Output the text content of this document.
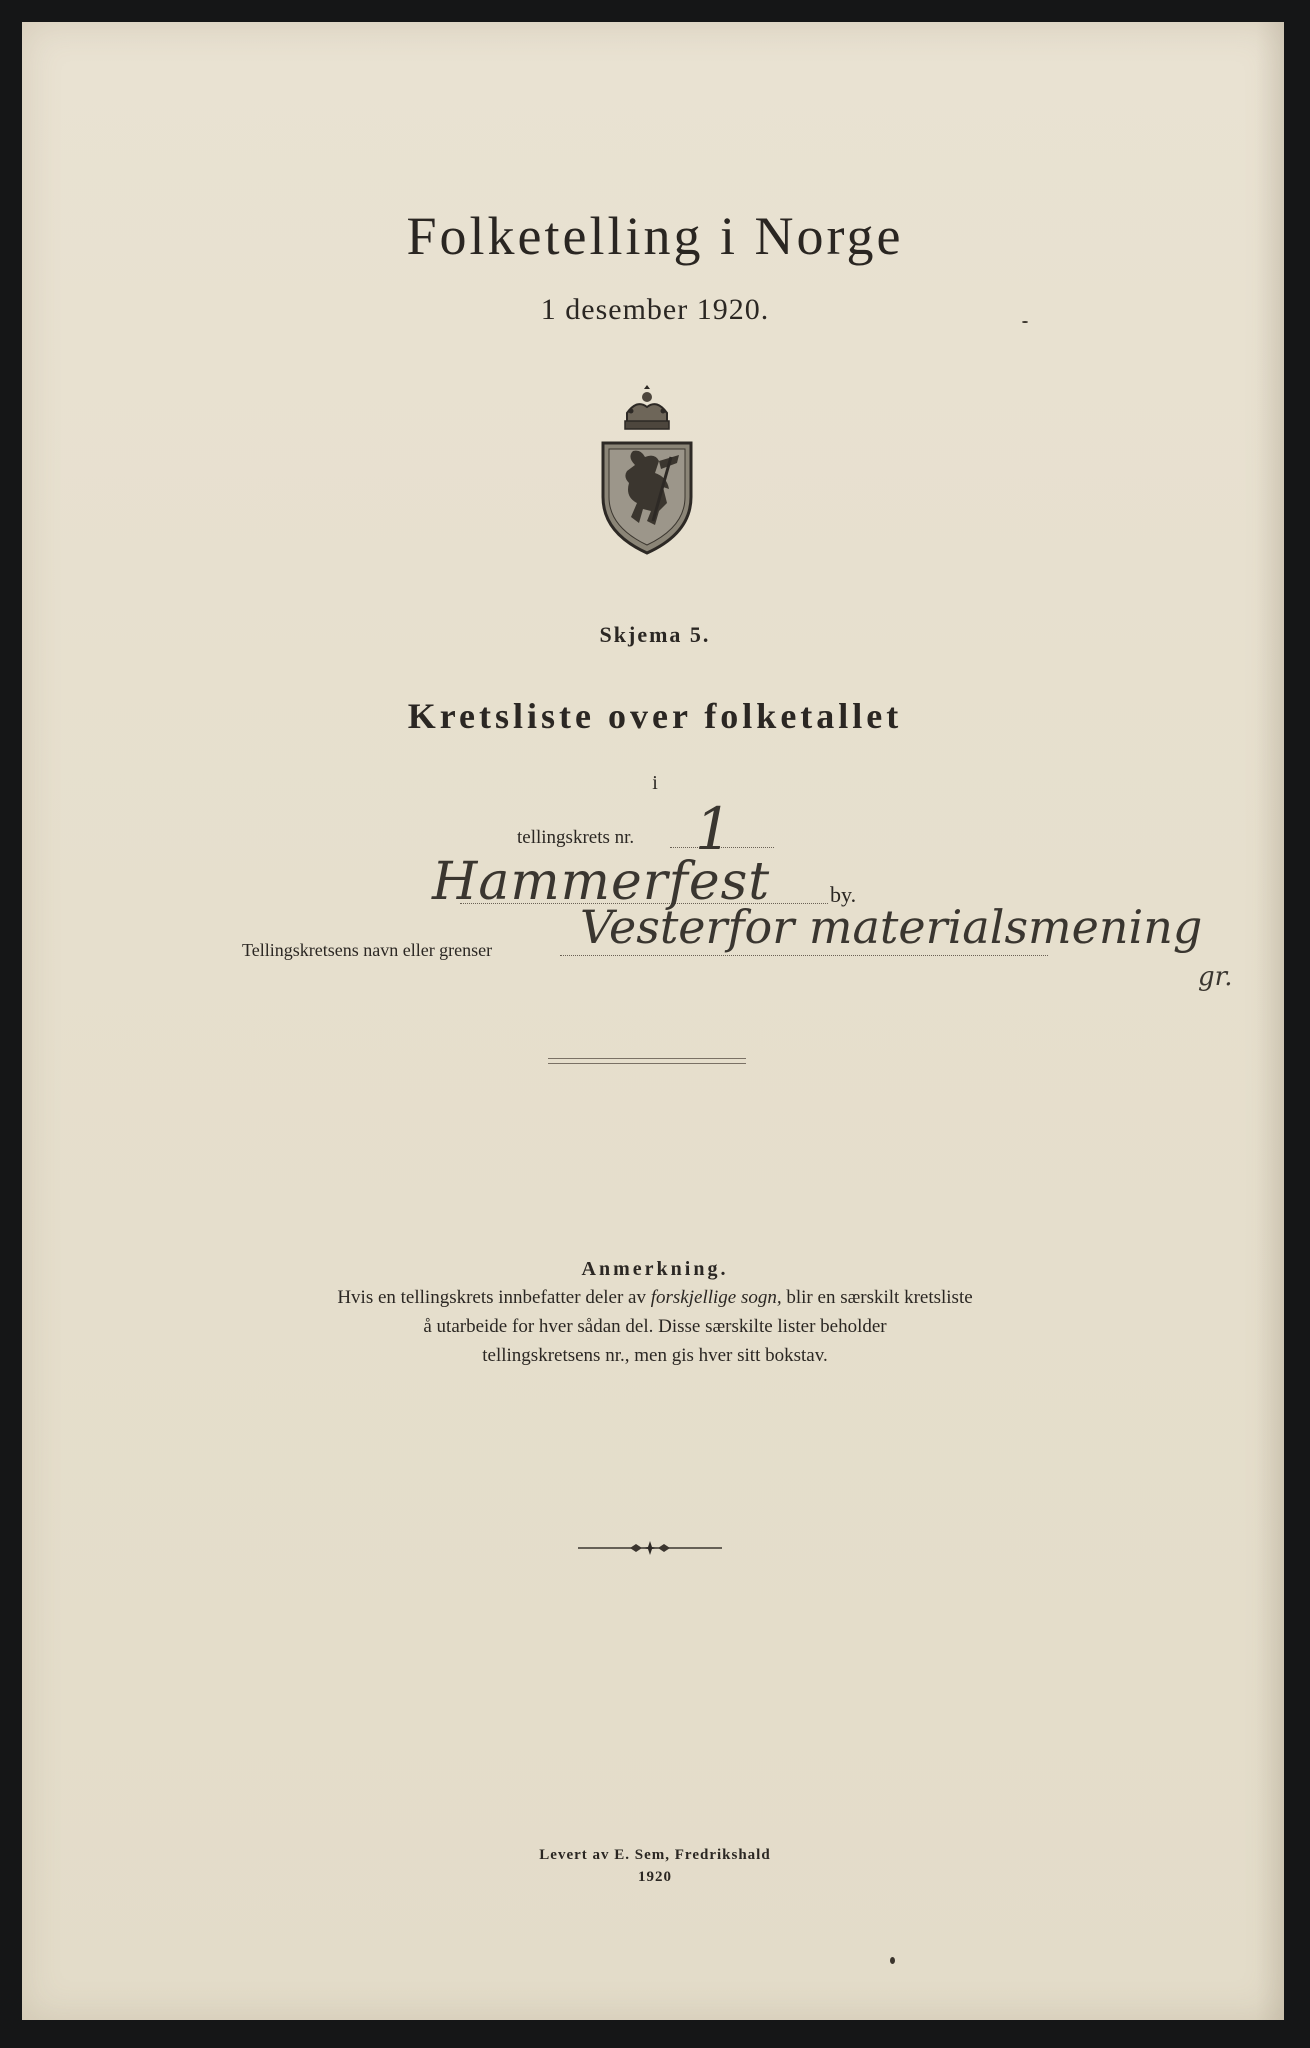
Folketelling i Norge
1 desember 1920.
Skjema 5.
Kretsliste over folketallet
i
tellingskrets nr. 1
Hammerfest	by.
Tellingskretsens navn eller grenser Vesterfor materialsmening
gr.
Anmerkning.
Hvis en tellingskrets innbefatter deler av forskjellige sogn, blir en særskilt kretsliste
å utarbeide for hver sådan del. Disse særskilte lister beholder
tellingskretsens nr., men gis hver sitt bokstav.
Levert av E. Sem, Fredrikshald
1920
